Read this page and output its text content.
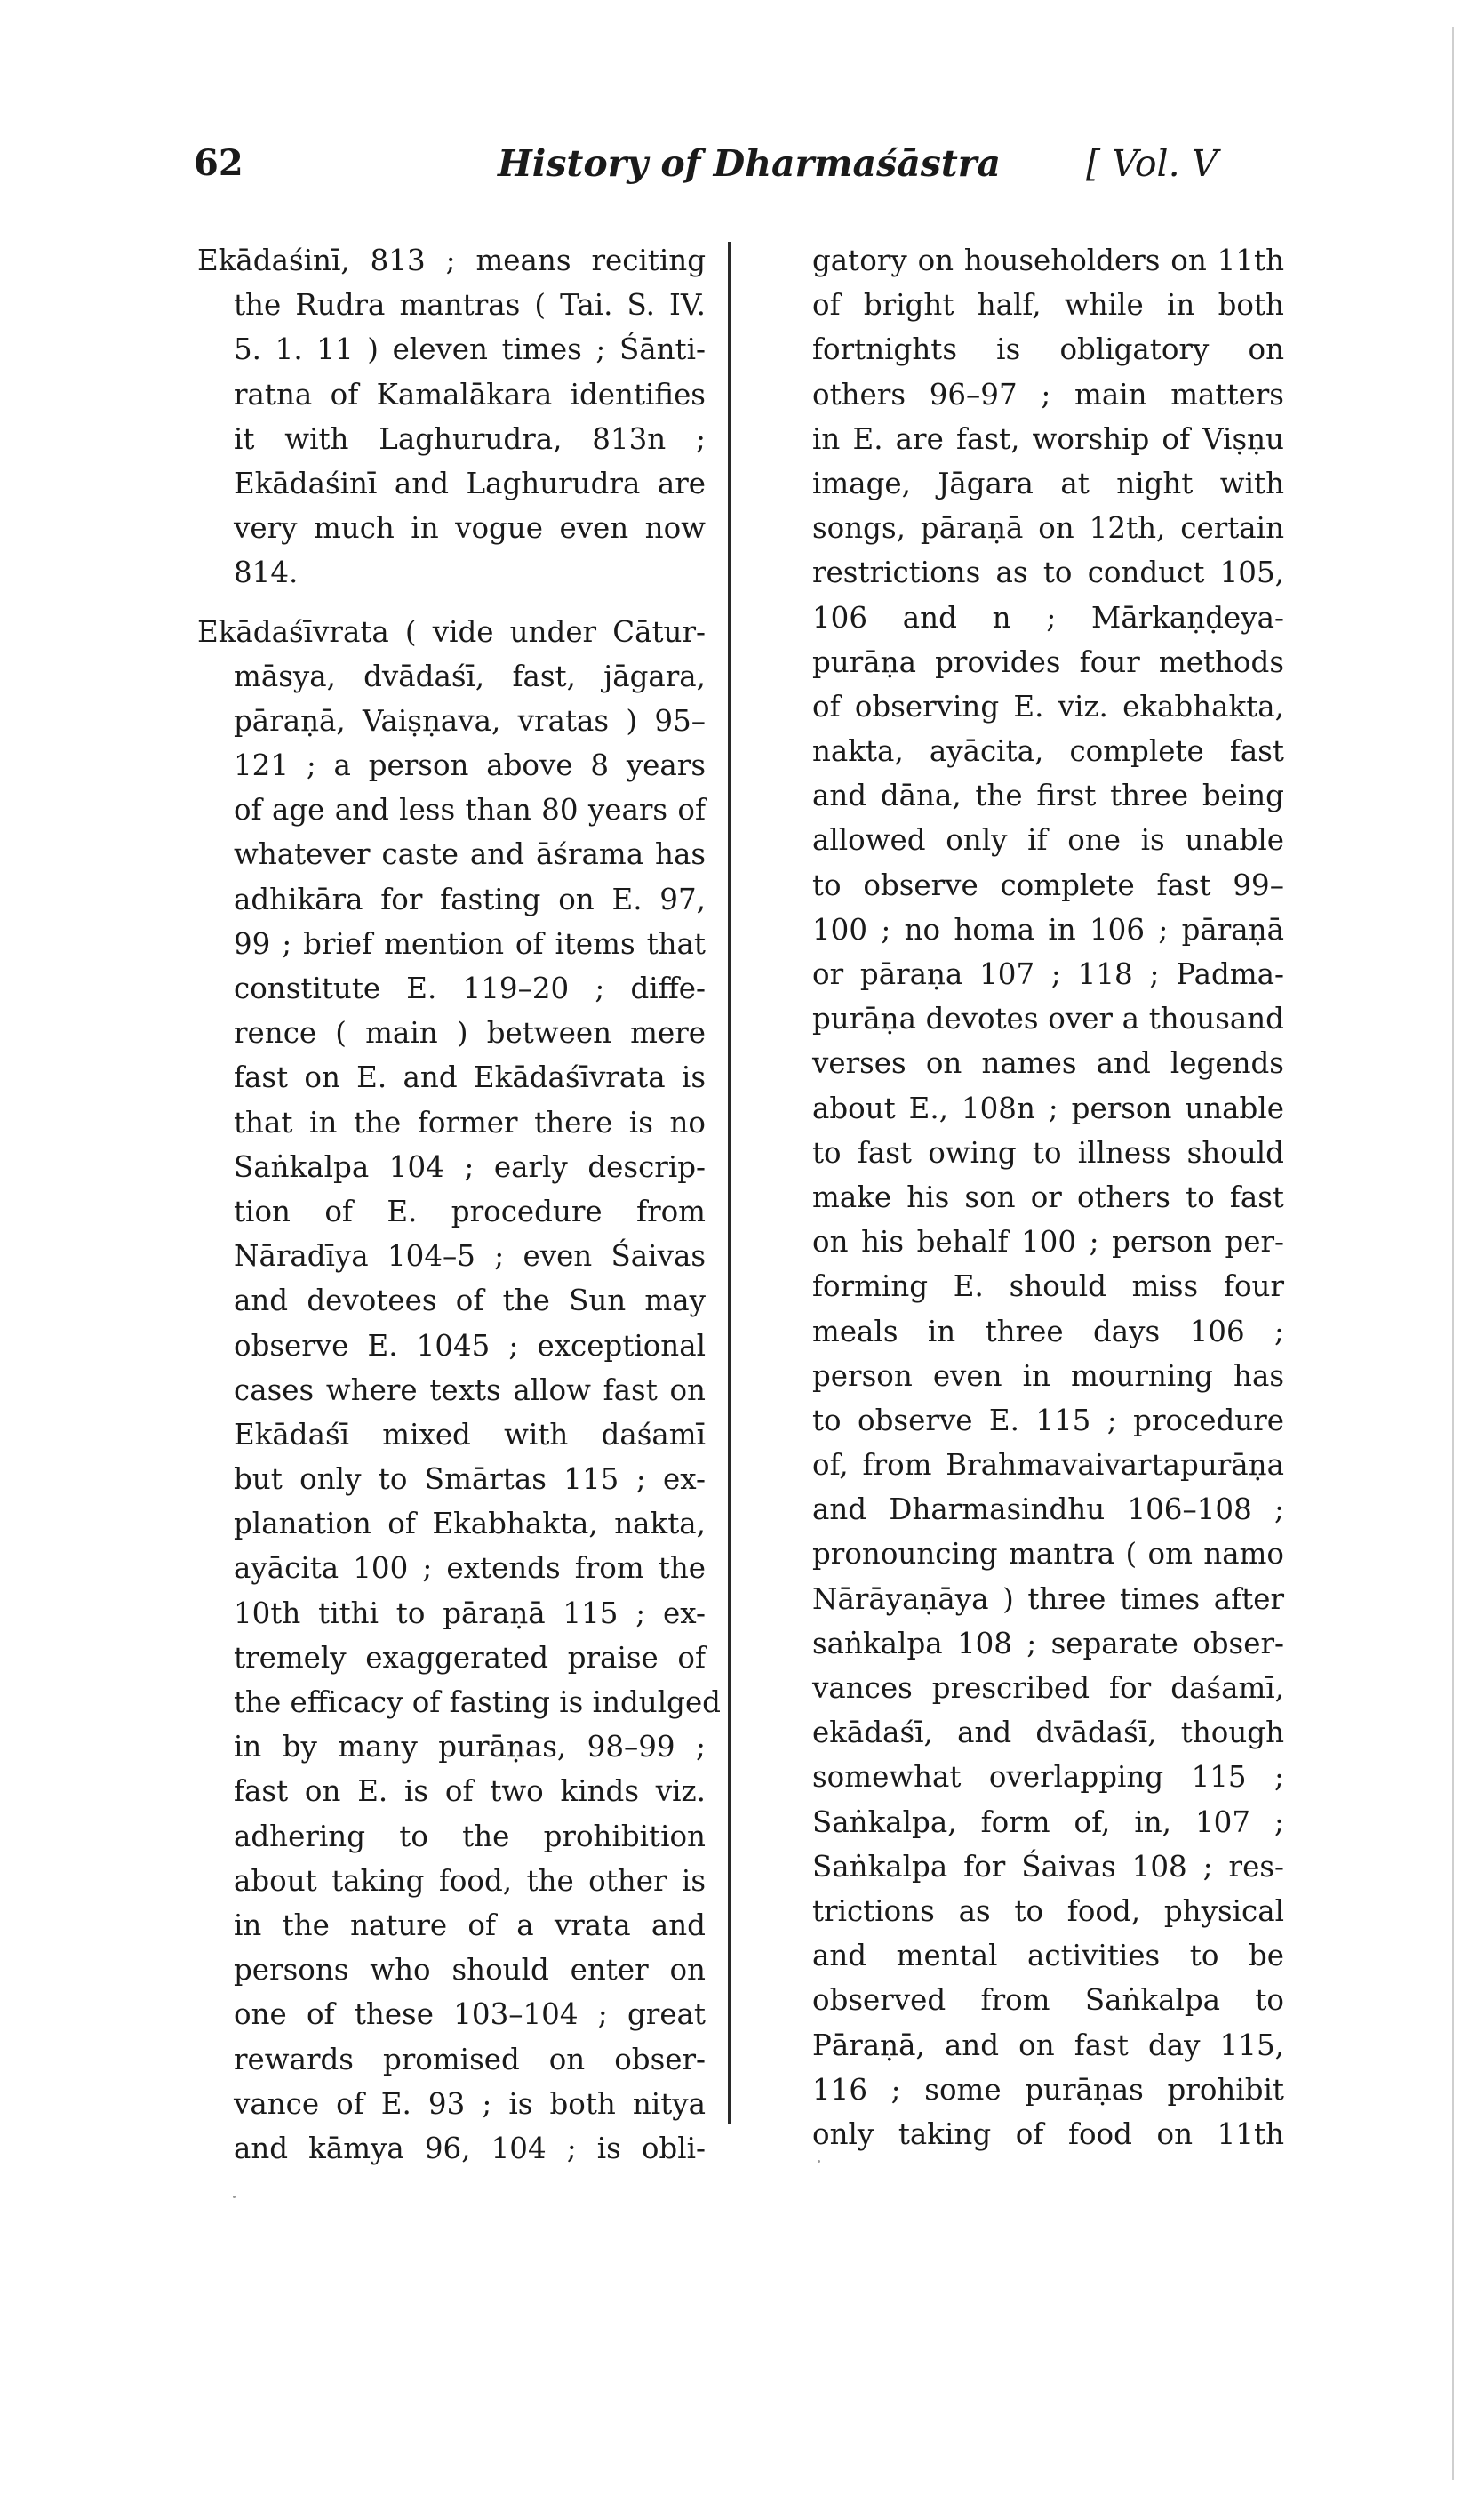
62	History of Dharmaśāstra [ Vol. V
Ekādaśinī, 813 ; means reciting
the Rudra mantras ( Tai. S. IV.
5. 1. 11 ) eleven times ; Śānti-
ratna of Kamalākara identifies
it with Laghurudra, 813n ;
Ekādaśinī and Laghurudra are
very much in vogue even now
814.
Ekādaśīvrata ( vide under Cātur-
māsya, dvādaśī, fast, jāgara,
pāraṇā, Vaiṣṇava, vratas ) 95–
121 ; a person above 8 years
of age and less than 80 years of
whatever caste and āśrama has
adhikāra for fasting on E. 97,
99 ; brief mention of items that
constitute E. 119–20 ; diffe-
rence ( main ) between mere
fast on E. and Ekādaśīvrata is
that in the former there is no
Saṅkalpa 104 ; early descrip-
tion of E. procedure from
Nāradīya 104–5 ; even Śaivas
and devotees of the Sun may
observe E. 1045 ; exceptional
cases where texts allow fast on
Ekādaśī mixed with daśamī
but only to Smārtas 115 ; ex-
planation of Ekabhakta, nakta,
ayācita 100 ; extends from the
10th tithi to pāraṇā 115 ; ex-
tremely exaggerated praise of
the efficacy of fasting is indulged
in by many purāṇas, 98–99 ;
fast on E. is of two kinds viz.
adhering to the prohibition
about taking food, the other is
in the nature of a vrata and
persons who should enter on
one of these 103–104 ; great
rewards promised on obser-
vance of E. 93 ; is both nitya
and kāmya 96, 104 ; is obli-
gatory on householders on 11th
of bright half, while in both
fortnights is obligatory on
others 96–97 ; main matters
in E. are fast, worship of Viṣṇu
image, Jāgara at night with
songs, pāraṇā on 12th, certain
restrictions as to conduct 105,
106 and n ; Mārkaṇḍeya-
purāṇa provides four methods
of observing E. viz. ekabhakta,
nakta, ayācita, complete fast
and dāna, the first three being
allowed only if one is unable
to observe complete fast 99–
100 ; no homa in 106 ; pāraṇā
or pāraṇa 107 ; 118 ; Padma-
purāṇa devotes over a thousand
verses on names and legends
about E., 108n ; person unable
to fast owing to illness should
make his son or others to fast
on his behalf 100 ; person per-
forming E. should miss four
meals in three days 106 ;
person even in mourning has
to observe E. 115 ; procedure
of, from Brahmavaivartapurāṇa
and Dharmasindhu 106–108 ;
pronouncing mantra ( om namo
Nārāyaṇāya ) three times after
saṅkalpa 108 ; separate obser-
vances prescribed for daśamī,
ekādaśī, and dvādaśī, though
somewhat overlapping 115 ;
Saṅkalpa, form of, in, 107 ;
Saṅkalpa for Śaivas 108 ; res-
trictions as to food, physical
and mental activities to be
observed from Saṅkalpa to
Pāraṇā, and on fast day 115,
116 ; some purāṇas prohibit
only taking of food on 11th
